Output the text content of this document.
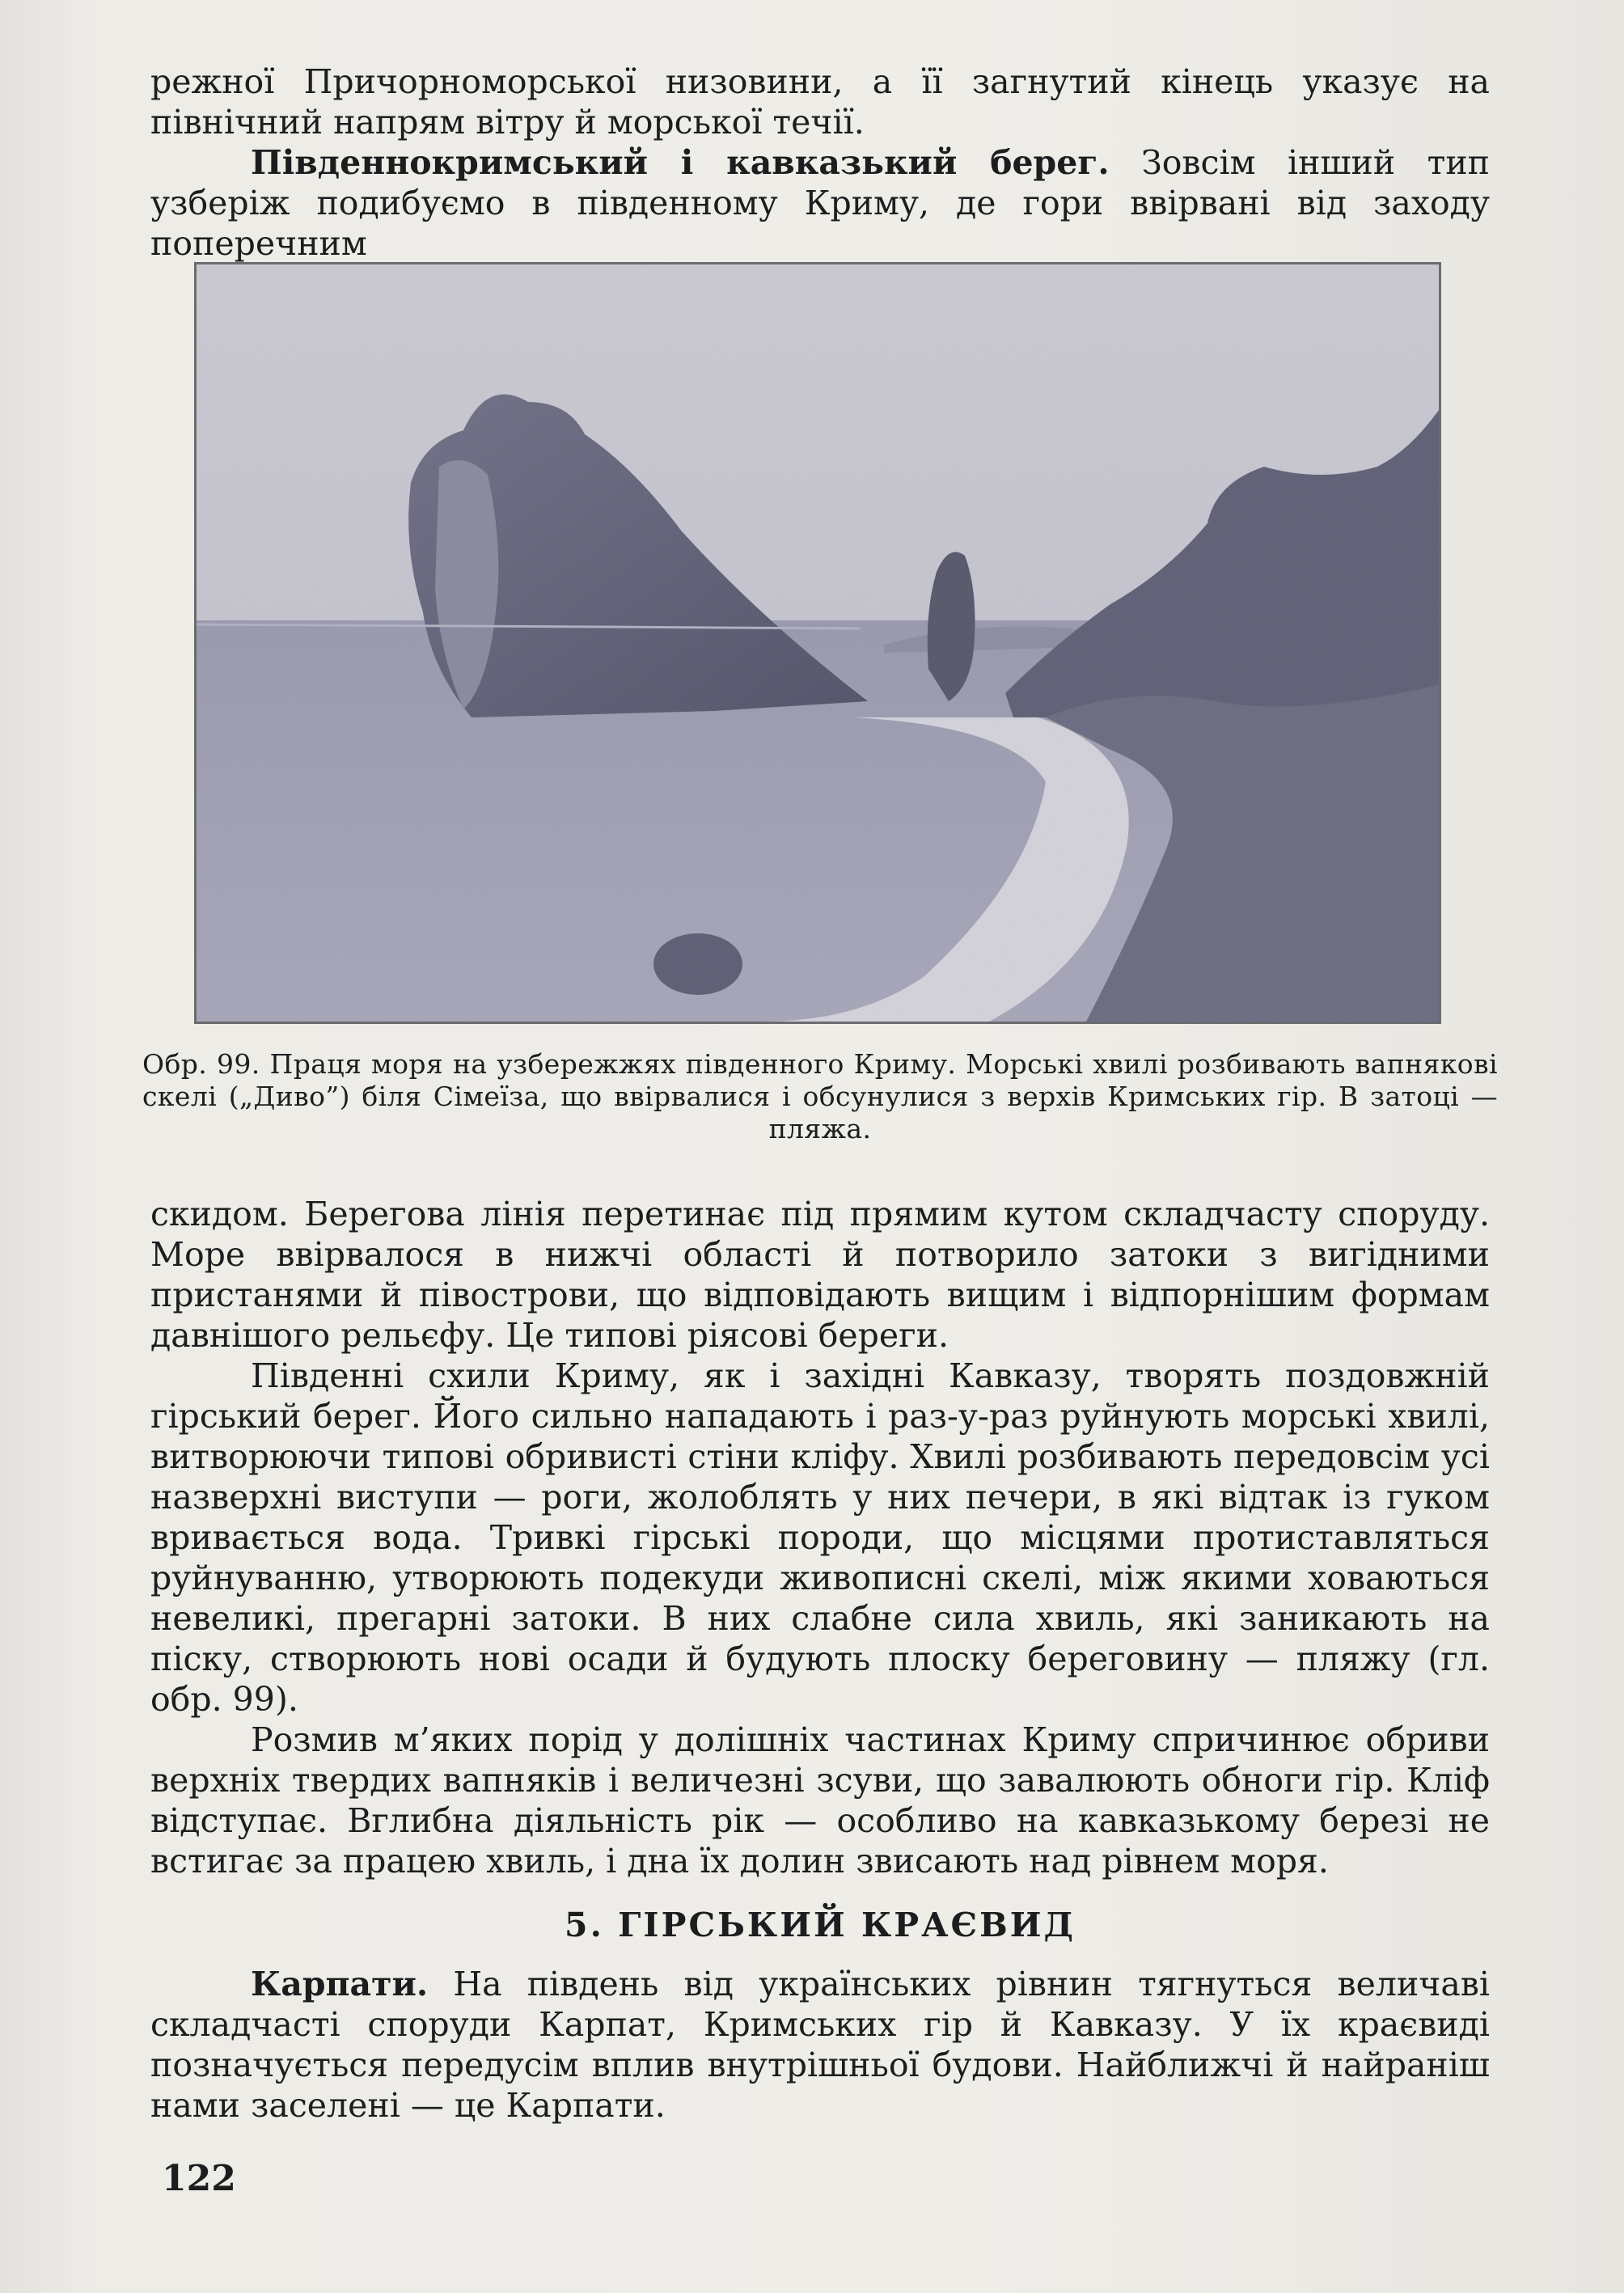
режної Причорноморської низовини, а її загнутий кінець указує на північний напрям вітру й морської течії.

Південнокримський і кавказький берег. Зовсім інший тип узберіж подибуємо в південному Криму, де гори ввірвані від заходу поперечним

Обр. 99. Праця моря на узбережжях південного Криму. Морські хвилі розбивають вапнякові скелі („Диво”) біля Сімеїза, що ввірвалися і обсунулися з верхів Кримських гір. В затоці — пляжа.

скидом. Берегова лінія перетинає під прямим кутом складчасту споруду. Море ввірвалося в нижчі області й потворило затоки з вигідними пристанями й півострови, що відповідають вищим і відпорнішим формам давнішого рельєфу. Це типові ріясові береги.

Південні схили Криму, як і західні Кавказу, творять поздовжній гірський берег. Його сильно нападають і раз-у-раз руйнують морські хвилі, витворюючи типові обривисті стіни кліфу. Хвилі розбивають передовсім усі назверхні виступи — роги, жолоблять у них печери, в які відтак із гуком вривається вода. Тривкі гірські породи, що місцями протиставляться руйнуванню, утворюють подекуди живописні скелі, між якими ховаються невеликі, прегарні затоки. В них слабне сила хвиль, які заникають на піску, створюють нові осади й будують плоску береговину — пляжу (гл. обр. 99).

Розмив м’яких порід у долішніх частинах Криму спричинює обриви верхніх твердих вапняків і величезні зсуви, що завалюють обноги гір. Кліф відступає. Вглибна діяльність рік — особливо на кавказькому березі не встигає за працею хвиль, і дна їх долин звисають над рівнем моря.

5. ГІРСЬКИЙ КРАЄВИД

Карпати. На південь від українських рівнин тягнуться величаві складчасті споруди Карпат, Кримських гір й Кавказу. У їх краєвиді позначується передусім вплив внутрішньої будови. Найближчі й найраніш нами заселені — це Карпати.

122
